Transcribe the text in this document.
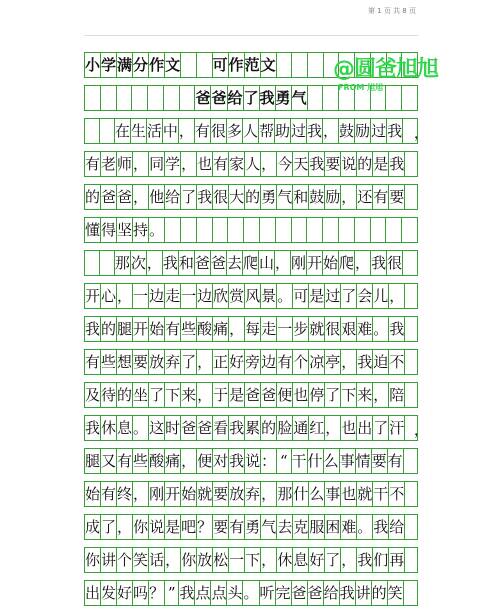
第 1 页 共 8 页
小 学 满 分 作 文 可 作 范 文
爸 爸 给 了 我 勇 气
在 生 活 中 ， 有 很 多 人 帮 助 过 我 ， 鼓 励 过 我 ，
有 老 师 ， 同 学 ， 也 有 家 人 ， 今 天 我 要 说 的 是 我
的 爸 爸 ， 他 给 了 我 很 大 的 勇 气 和 鼓 励 ， 还 有 要
懂 得 坚 持 。
那 次 ， 我 和 爸 爸 去 爬 山 ， 刚 开 始 爬 ， 我 很
开 心 ， 一 边 走 一 边 欣 赏 风 景 。 可 是 过 了 会 儿 ，
我 的 腿 开 始 有 些 酸 痛 ， 每 走 一 步 就 很 艰 难 。 我
有 些 想 要 放 弃 了 ， 正 好 旁 边 有 个 凉 亭 ， 我 迫 不
及 待 的 坐 了 下 来 ， 于 是 爸 爸 便 也 停 了 下 来 ， 陪
我 休 息 。 这 时 爸 爸 看 我 累 的 脸 通 红 ， 也 出 了 汗 ，
腿 又 有 些 酸 痛 ， 便 对 我 说 ： “ 干 什 么 事 情 要 有
始 有 终 ， 刚 开 始 就 要 放 弃 ， 那 什 么 事 也 就 干 不
成 了 ， 你 说 是 吧 ？ 要 有 勇 气 去 克 服 困 难 。 我 给
你 讲 个 笑 话 ， 你 放 松 一 下 ， 休 息 好 了 ， 我 们 再
出 发 好 吗 ？ ” 我 点 点 头 。 听 完 爸 爸 给 我 讲 的 笑
@圆爸旭旭
FROM 旭旭
